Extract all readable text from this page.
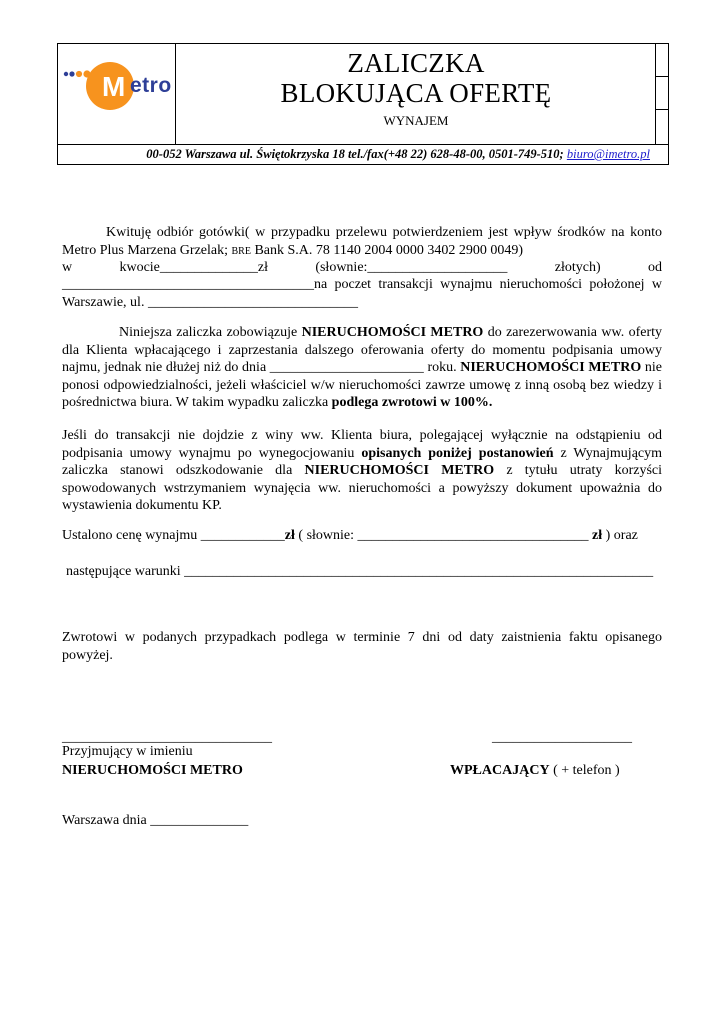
M etro
ZALICZKA
BLOKUJĄCA OFERTĘ
WYNAJEM
00-052 Warszawa ul. Świętokrzyska 18 tel./fax(+48 22) 628-48-00, 0501-749-510; biuro@imetro.pl
Kwituję odbiór gotówki( w przypadku przelewu potwierdzeniem jest wpływ środków na konto Metro Plus Marzena Grzelak; BRE Bank S.A. 78 1140 2004 0000 3402 2900 0049)
w	kwocie______________zł	(słownie:____________________	złotych)	od
____________________________________na poczet transakcji wynajmu nieruchomości położonej w Warszawie, ul. ______________________________
Niniejsza zaliczka zobowiązuje NIERUCHOMOŚCI METRO do zarezerwowania ww. oferty dla Klienta wpłacającego i zaprzestania dalszego oferowania oferty do momentu podpisania umowy najmu, jednak nie dłużej niż do dnia ______________________ roku. NIERUCHOMOŚCI METRO nie ponosi odpowiedzialności, jeżeli właściciel w/w nieruchomości zawrze umowę z inną osobą bez wiedzy i pośrednictwa biura. W takim wypadku zaliczka podlega zwrotowi w 100%.
Jeśli do transakcji nie dojdzie z winy ww. Klienta biura, polegającej wyłącznie na odstąpieniu od podpisania umowy wynajmu po wynegocjowaniu opisanych poniżej postanowień z Wynajmującym zaliczka stanowi odszkodowanie dla NIERUCHOMOŚCI METRO z tytułu utraty korzyści spowodowanych wstrzymaniem wynajęcia ww. nieruchomości a powyższy dokument upoważnia do wystawienia dokumentu KP.
Ustalono cenę wynajmu ____________zł ( słownie: _________________________________ zł ) oraz
następujące warunki ___________________________________________________________________
Zwrotowi w podanych przypadkach podlega w terminie 7 dni od daty zaistnienia faktu opisanego powyżej.
______________________________	____________________
Przyjmujący w imieniu
NIERUCHOMOŚCI METRO	WPŁACAJĄCY ( + telefon )
Warszawa dnia ______________
